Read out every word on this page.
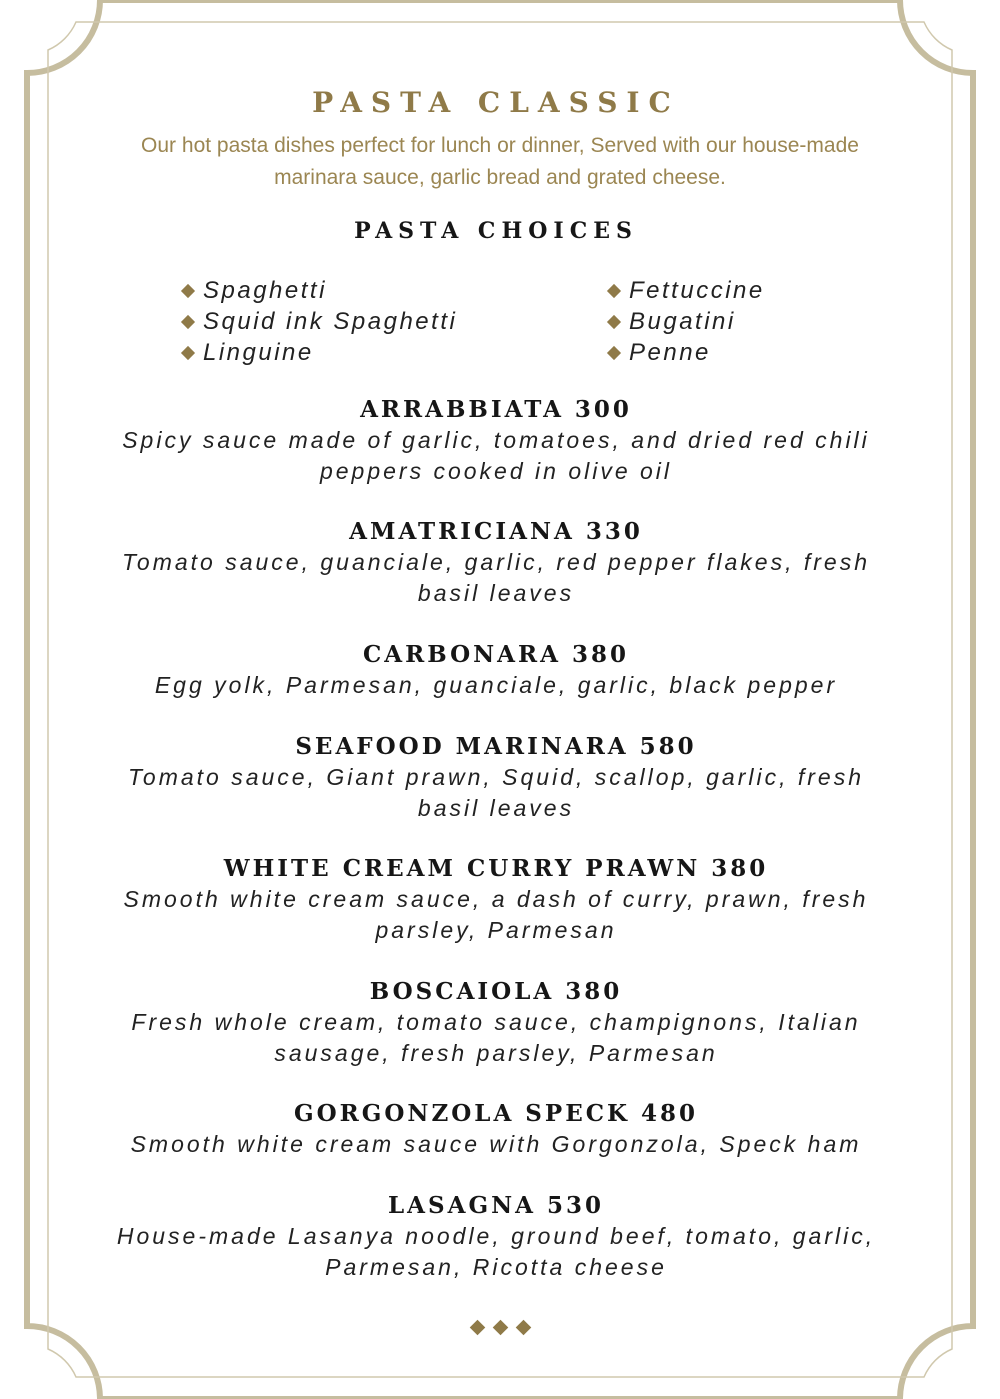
PASTA CLASSIC
Our hot pasta dishes perfect for lunch or dinner, Served with our house-made marinara sauce, garlic bread and grated cheese.
PASTA CHOICES
Spaghetti
Squid ink Spaghetti
Linguine
Fettuccine
Bugatini
Penne
ARRABBIATA 300
Spicy sauce made of garlic, tomatoes, and dried red chili peppers cooked in olive oil
AMATRICIANA 330
Tomato sauce, guanciale, garlic, red pepper flakes, fresh basil leaves
CARBONARA 380
Egg yolk, Parmesan, guanciale, garlic, black pepper
SEAFOOD MARINARA 580
Tomato sauce, Giant prawn, Squid, scallop, garlic, fresh basil leaves
WHITE CREAM CURRY PRAWN 380
Smooth white cream sauce, a dash of curry, prawn, fresh parsley, Parmesan
BOSCAIOLA 380
Fresh whole cream, tomato sauce, champignons, Italian sausage, fresh parsley, Parmesan
GORGONZOLA SPECK 480
Smooth white cream sauce with Gorgonzola, Speck ham
LASAGNA 530
House-made Lasanya noodle, ground beef, tomato, garlic, Parmesan, Ricotta cheese
